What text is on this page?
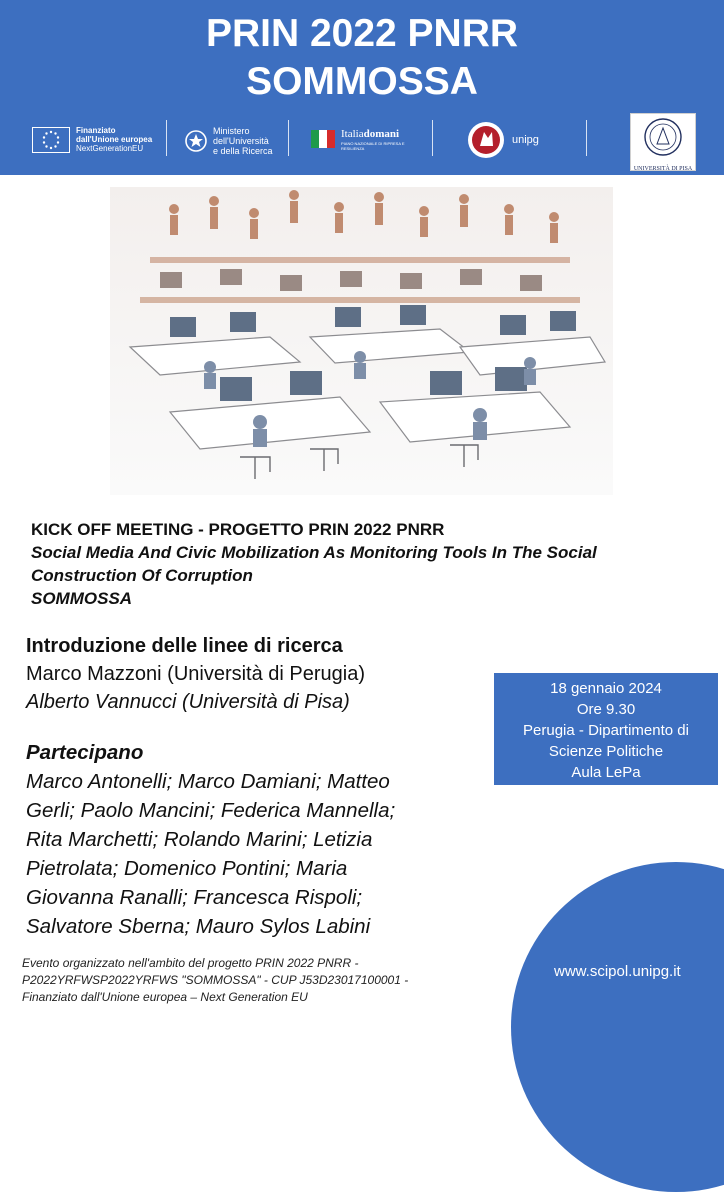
PRIN 2022 PNRR
SOMMOSSA
Finanziato
dall'Unione europea
NextGenerationEU
Ministero
dell'Università
e della Ricerca
Italiadomani
PIANO NAZIONALE DI RIPRESA E RESILIENZA
unipg
UNIVERSITÀ DI PISA
KICK OFF MEETING - PROGETTO PRIN 2022 PNRR
Social Media And Civic Mobilization As Monitoring Tools In The Social
Construction Of Corruption
SOMMOSSA
Introduzione delle linee di ricerca
Marco Mazzoni (Università di Perugia)
Alberto Vannucci (Università di Pisa)
Partecipano
Marco Antonelli; Marco Damiani; Matteo
Gerli; Paolo Mancini; Federica Mannella;
Rita Marchetti; Rolando Marini; Letizia
Pietrolata; Domenico Pontini; Maria
Giovanna Ranalli; Francesca Rispoli;
Salvatore Sberna; Mauro Sylos Labini
18 gennaio 2024
Ore 9.30
Perugia - Dipartimento di
Scienze Politiche
Aula LePa
www.scipol.unipg.it
Evento organizzato nell'ambito del progetto PRIN 2022 PNRR -
P2022YRFWSP2022YRFWS "SOMMOSSA" - CUP J53D23017100001 -
Finanziato dall'Unione europea – Next Generation EU
